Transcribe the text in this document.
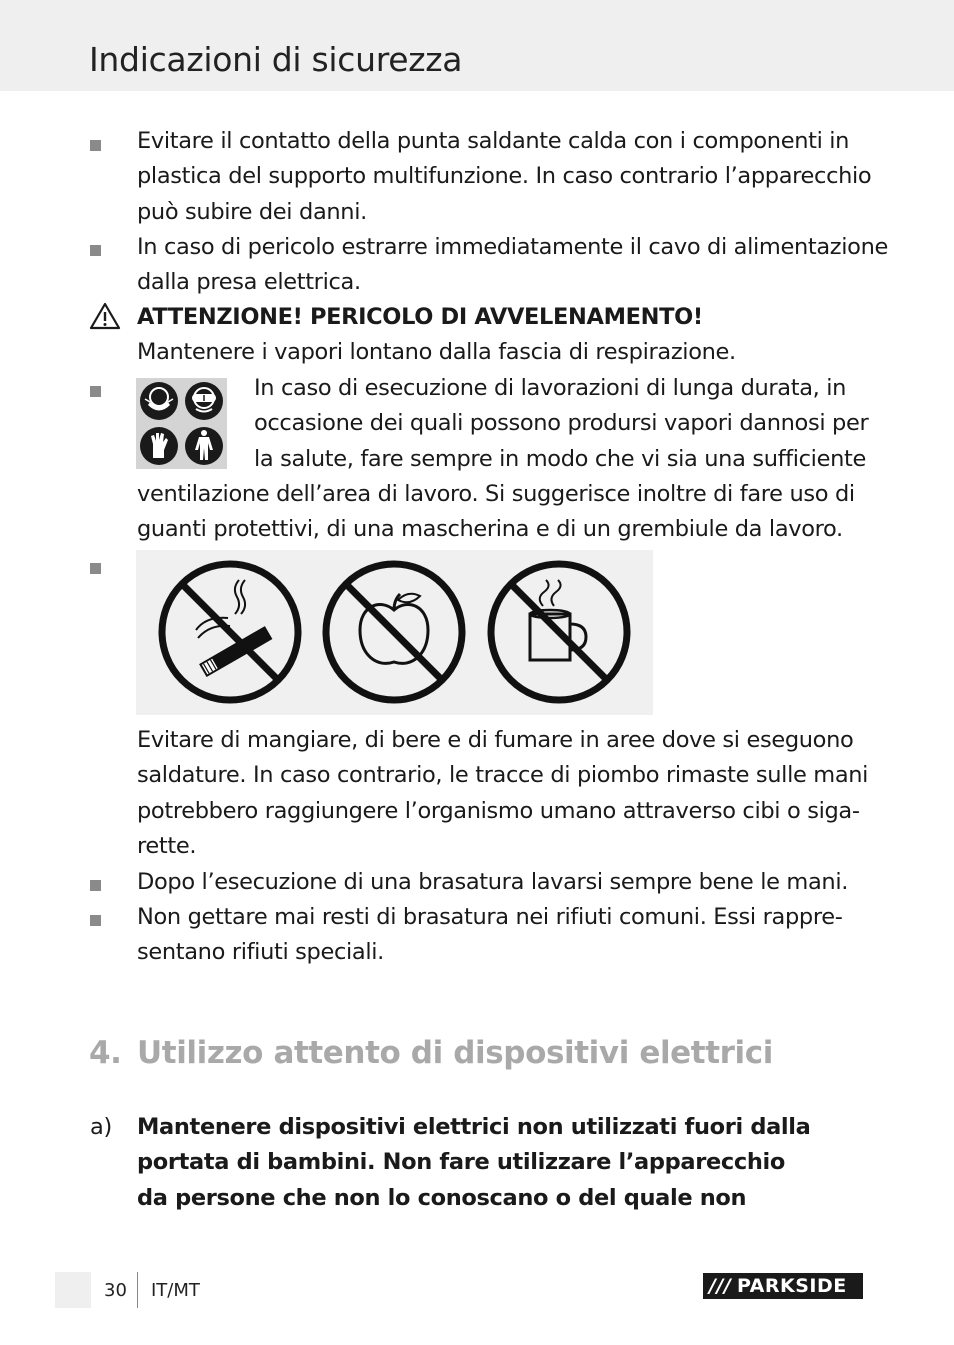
Indicazioni di sicurezza
Evitare il contatto della punta saldante calda con i componenti in
plastica del supporto multifunzione. In caso contrario l’apparecchio
può subire dei danni.
In caso di pericolo estrarre immediatamente il cavo di alimentazione
dalla presa elettrica.
ATTENZIONE! PERICOLO DI AVVELENAMENTO!
Mantenere i vapori lontano dalla fascia di respirazione.
In caso di esecuzione di lavorazioni di lunga durata, in
occasione dei quali possono prodursi vapori dannosi per
la salute, fare sempre in modo che vi sia una sufficiente
ventilazione dell’area di lavoro. Si suggerisce inoltre di fare uso di
guanti protettivi, di una mascherina e di un grembiule da lavoro.
Evitare di mangiare, di bere e di fumare in aree dove si eseguono
saldature. In caso contrario, le tracce di piombo rimaste sulle mani
potrebbero raggiungere l’organismo umano attraverso cibi o siga-
rette.
Dopo l’esecuzione di una brasatura lavarsi sempre bene le mani.
Non gettare mai resti di brasatura nei rifiuti comuni. Essi rappre-
sentano rifiuti speciali.
4. Utilizzo attento di dispositivi elettrici
a) Mantenere dispositivi elettrici non utilizzati fuori dalla
portata di bambini. Non fare utilizzare l’apparecchio
da persone che non lo conoscano o del quale non
30 IT/MT	/// PARKSIDE
